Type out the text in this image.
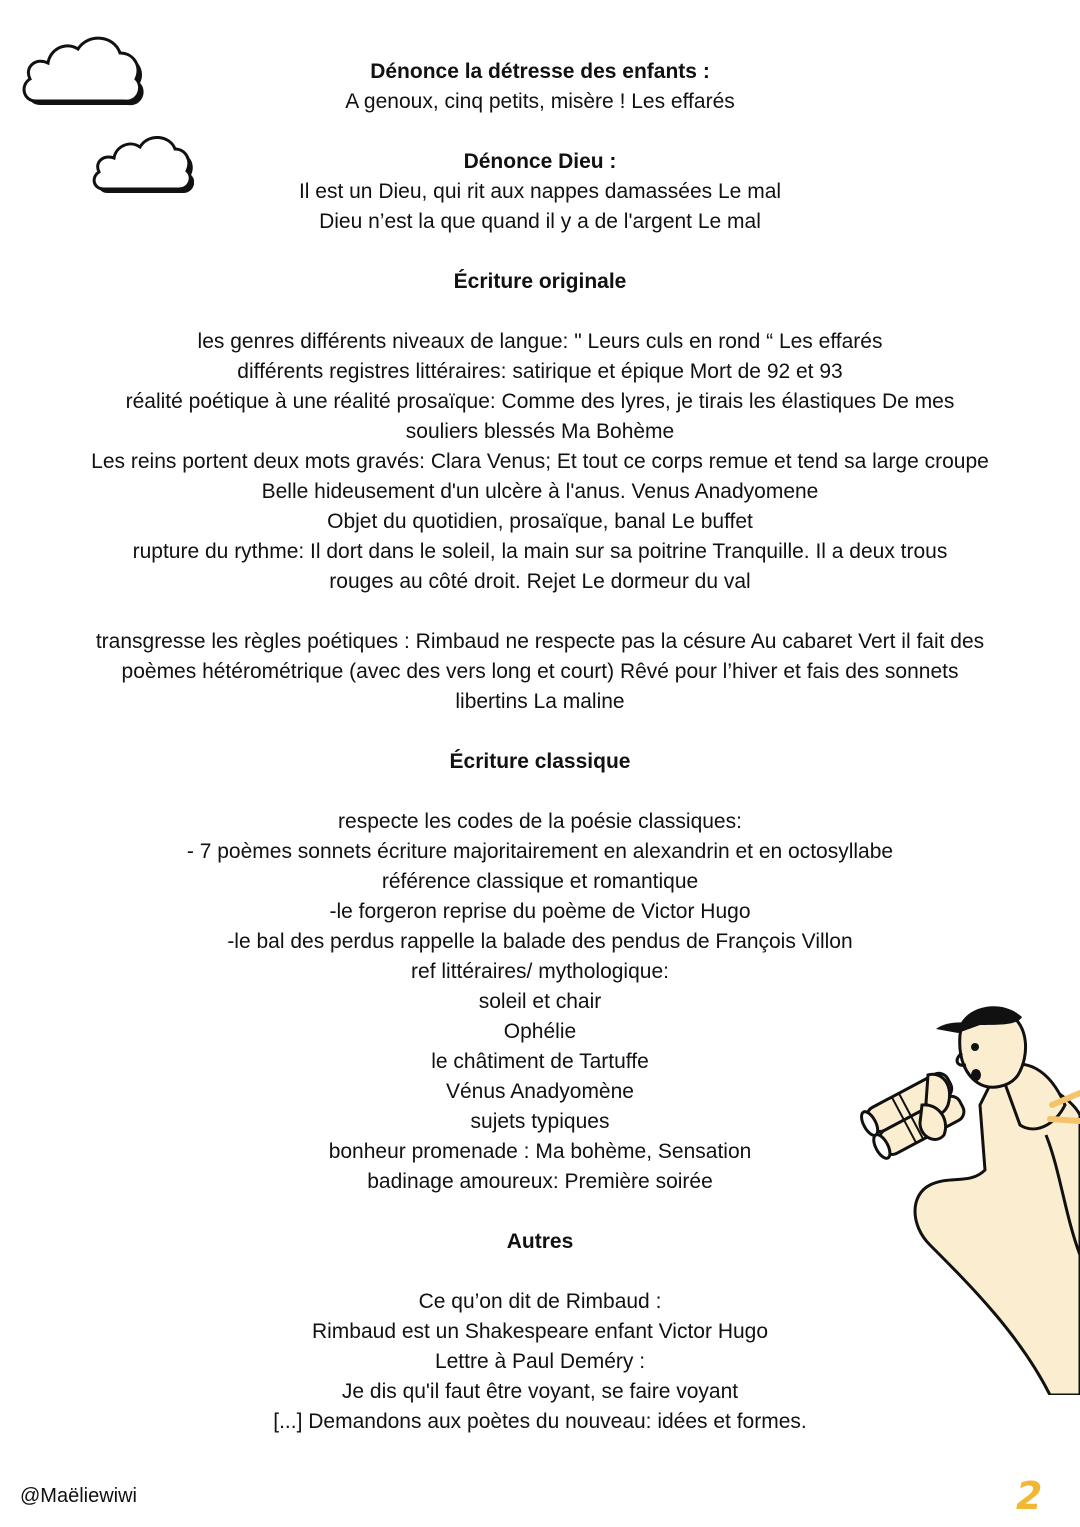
Dénonce la détresse des enfants :

A genoux, cinq petits, misère ! Les effarés

Dénonce Dieu :

Il est un Dieu, qui rit aux nappes damassées Le mal

Dieu n’est la que quand il y a de l'argent Le mal

Écriture originale

les genres différents niveaux de langue: " Leurs culs en rond “ Les effarés

différents registres littéraires: satirique et épique Mort de 92 et 93

réalité poétique à une réalité prosaïque: Comme des lyres, je tirais les élastiques De mes

souliers blessés Ma Bohème

Les reins portent deux mots gravés: Clara Venus; Et tout ce corps remue et tend sa large croupe

Belle hideusement d'un ulcère à l'anus. Venus Anadyomene

Objet du quotidien, prosaïque, banal Le buffet

rupture du rythme: Il dort dans le soleil, la main sur sa poitrine Tranquille. Il a deux trous

rouges au côté droit. Rejet Le dormeur du val

transgresse les règles poétiques : Rimbaud ne respecte pas la césure Au cabaret Vert il fait des

poèmes hétérométrique (avec des vers long et court) Rêvé pour l’hiver et fais des sonnets

libertins La maline

Écriture classique

respecte les codes de la poésie classiques:

- 7 poèmes sonnets écriture majoritairement en alexandrin et en octosyllabe

référence classique et romantique

-le forgeron reprise du poème de Victor Hugo

-le bal des perdus rappelle la balade des pendus de François Villon

ref littéraires/ mythologique:

soleil et chair

Ophélie

le châtiment de Tartuffe

Vénus Anadyomène

sujets typiques

bonheur promenade : Ma bohème, Sensation

badinage amoureux: Première soirée

Autres

Ce qu’on dit de Rimbaud :

Rimbaud est un Shakespeare enfant Victor Hugo

Lettre à Paul Deméry :

Je dis qu'il faut être voyant, se faire voyant

[...] Demandons aux poètes du nouveau: idées et formes.

@Maëliewiwi	2
